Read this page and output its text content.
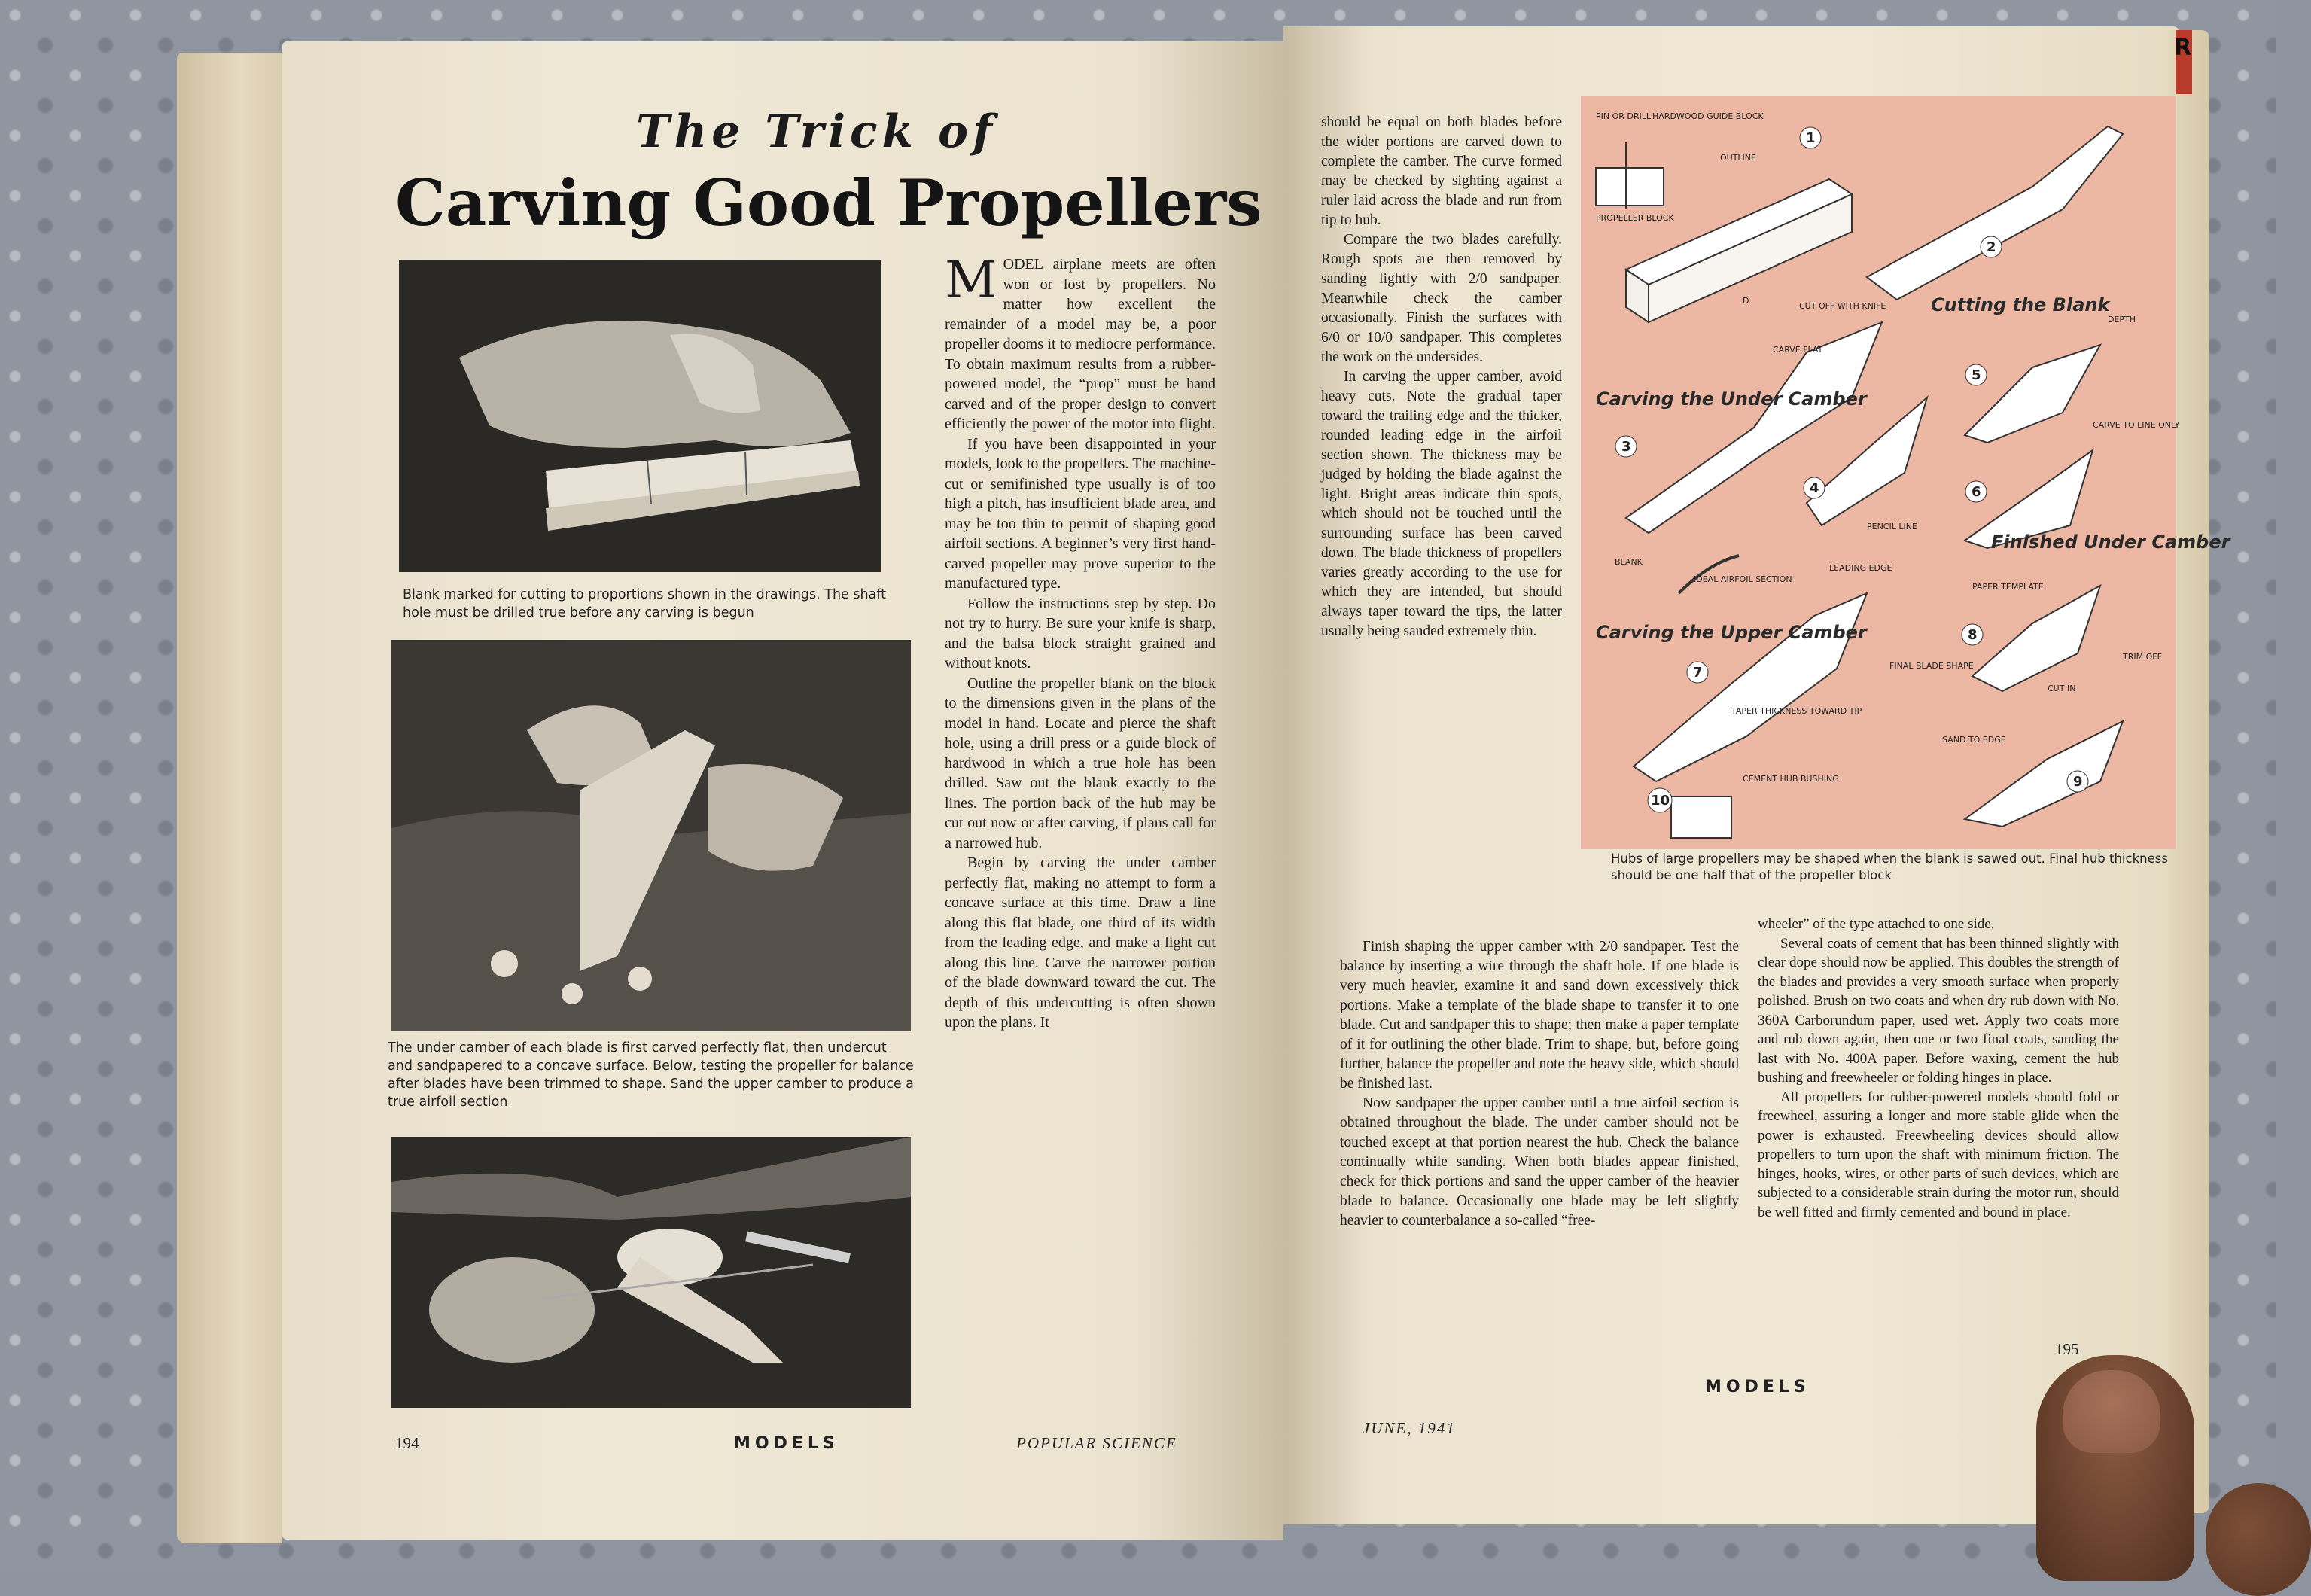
R
The Trick of
Carving Good Propellers
Blank marked for cutting to proportions shown in the drawings. The shaft hole must be drilled true before any carving is begun
The under camber of each blade is first carved perfectly flat, then undercut and sandpapered to a concave surface. Below, testing the propeller for balance after blades have been trimmed to shape. Sand the upper camber to produce a true airfoil section

MODEL airplane meets are often won or lost by propellers. No matter how excellent the remainder of a model may be, a poor propeller dooms it to mediocre performance. To obtain maximum results from a rubber-powered model, the “prop” must be hand carved and of the proper design to convert efficiently the power of the motor into flight.

If you have been disappointed in your models, look to the propellers. The machine-cut or semifinished type usually is of too high a pitch, has insufficient blade area, and may be too thin to permit of shaping good airfoil sections. A beginner’s very first hand-carved propeller may prove superior to the manufactured type.

Follow the instructions step by step. Do not try to hurry. Be sure your knife is sharp, and the balsa block straight grained and without knots.

Outline the propeller blank on the block to the dimensions given in the plans of the model in hand. Locate and pierce the shaft hole, using a drill press or a guide block of hardwood in which a true hole has been drilled. Saw out the blank exactly to the lines. The portion back of the hub may be cut out now or after carving, if plans call for a narrowed hub.

Begin by carving the under camber perfectly flat, making no attempt to form a concave surface at this time. Draw a line along this flat blade, one third of its width from the leading edge, and make a light cut along this line. Carve the narrower portion of the blade downward toward the cut. The depth of this undercutting is often shown upon the plans. It

194	MODELS	POPULAR SCIENCE

should be equal on both blades before the wider portions are carved down to complete the camber. The curve formed may be checked by sighting against a ruler laid across the blade and run from tip to hub.

Compare the two blades carefully. Rough spots are then removed by sanding lightly with 2/0 sandpaper. Meanwhile check the camber occasionally. Finish the surfaces with 6/0 or 10/0 sandpaper. This completes the work on the undersides.

In carving the upper camber, avoid heavy cuts. Note the gradual taper toward the trailing edge and the thicker, rounded leading edge in the airfoil section shown. The thickness may be judged by holding the blade against the light. Bright areas indicate thin spots, which should not be touched until the surrounding surface has been carved down. The blade thickness of propellers varies greatly according to the use for which they are intended, but should always taper toward the tips, the latter usually being sanded extremely thin.

Finish shaping the upper camber with 2/0 sandpaper. Test the balance by inserting a wire through the shaft hole. If one blade is very much heavier, examine it and sand down excessively thick portions. Make a template of the blade shape to transfer it to one blade. Cut and sandpaper this to shape; then make a paper template of it for outlining the other blade. Trim to shape, but, before going further, balance the propeller and note the heavy side, which should be finished last.

Now sandpaper the upper camber until a true airfoil section is obtained throughout the blade. The under camber should not be touched except at that portion nearest the hub. Check the balance continually while sanding. When both blades appear finished, check for thick portions and sand the upper camber of the heavier blade to balance. Occasionally one blade may be left slightly heavier to counterbalance a so-called “free-

wheeler” of the type attached to one side.

Several coats of cement that has been thinned slightly with clear dope should now be applied. This doubles the strength of the blades and provides a very smooth surface when properly polished. Brush on two coats and when dry rub down with No. 360A Carborundum paper, used wet. Apply two coats more and rub down again, then one or two final coats, sanding the last with No. 400A paper. Before waxing, cement the hub bushing and freewheeler or folding hinges in place.

All propellers for rubber-powered models should fold or freewheel, assuring a longer and more stable glide when the power is exhausted. Freewheeling devices should allow propellers to turn upon the shaft with minimum friction. The hinges, hooks, wires, or other parts of such devices, which are subjected to a considerable strain during the motor run, should be well fitted and firmly cemented and bound in place.

1
2
3
4
5
6
7
8
9
10
PIN OR DRILL HARDWOOD GUIDE BLOCK
OUTLINE
PROPELLER BLOCK
D
CUT OFF WITH KNIFE
CARVE FLAT
DEPTH
CARVE TO LINE ONLY
PENCIL LINE
BLANK
IDEAL AIRFOIL SECTION
LEADING EDGE
PAPER TEMPLATE
FINAL BLADE SHAPE
TRIM OFF
CUT IN
TAPER THICKNESS TOWARD TIP
SAND TO EDGE
CEMENT HUB BUSHING
Cutting the Blank
Carving the Under Camber
Finished Under Camber
Carving the Upper Camber
Hubs of large propellers may be shaped when the blank is sawed out. Final hub thickness should be one half that of the propeller block
JUNE, 1941
MODELS
195
